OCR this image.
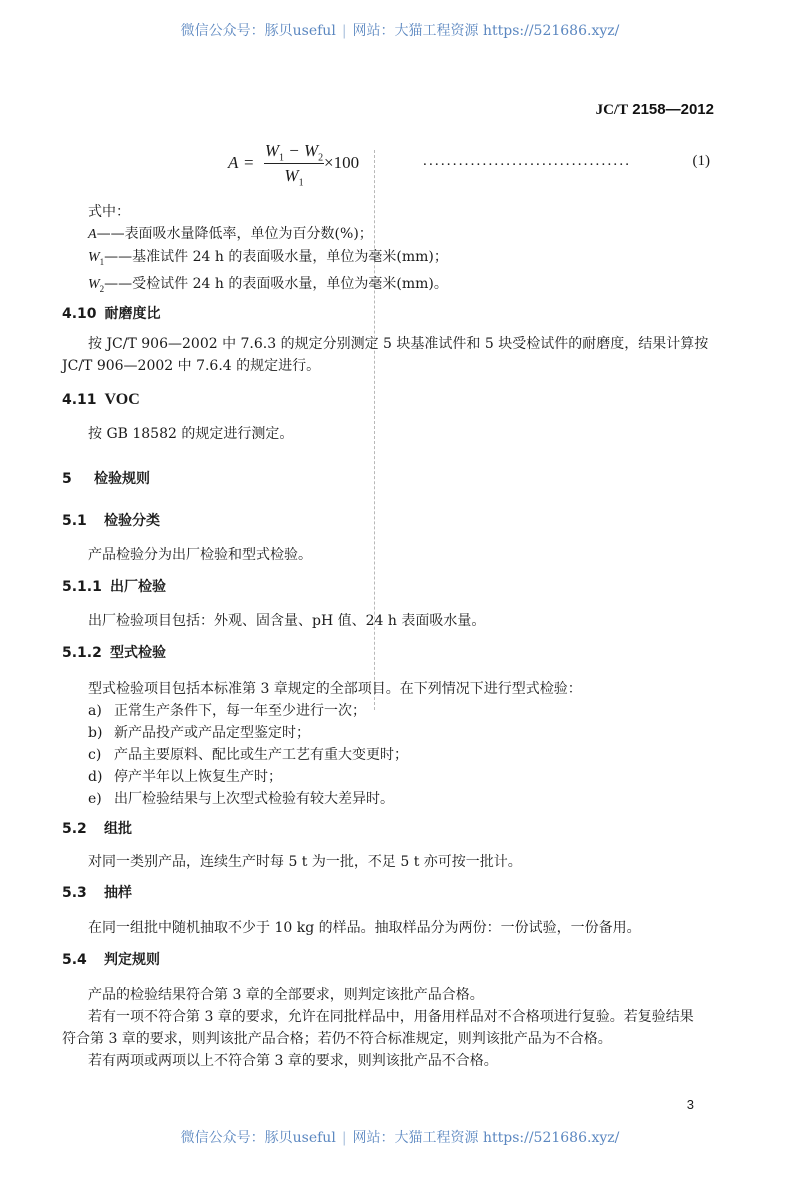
微信公众号：豚贝useful | 网站：大猫工程资源 https://521686.xyz/
JC/T 2158—2012
A =
$W_1 - W_2$
$W_1$
×100	...................................	(1)
式中：
A——表面吸水量降低率，单位为百分数(%)；
$W_1——$基准试件 24 h 的表面吸水量，单位为毫米(mm)；
$W_2——$受检试件 24 h 的表面吸水量，单位为毫米(mm)。
4.10 耐磨度比
按 JC/T 906—2002 中 7.6.3 的规定分别测定 5 块基准试件和 5 块受检试件的耐磨度，结果计算按
JC/T 906—2002 中 7.6.4 的规定进行。
4.11 VOC
按 GB 18582 的规定进行测定。
5 检验规则
5.1 检验分类
产品检验分为出厂检验和型式检验。
5.1.1 出厂检验
出厂检验项目包括：外观、固含量、pH 值、24 h 表面吸水量。
5.1.2 型式检验
型式检验项目包括本标准第 3 章规定的全部项目。在下列情况下进行型式检验：
a) 正常生产条件下，每一年至少进行一次；
b) 新产品投产或产品定型鉴定时；
c) 产品主要原料、配比或生产工艺有重大变更时；
d) 停产半年以上恢复生产时；
e) 出厂检验结果与上次型式检验有较大差异时。
5.2 组批
对同一类别产品，连续生产时每 5 t 为一批，不足 5 t 亦可按一批计。
5.3 抽样
在同一组批中随机抽取不少于 10 kg 的样品。抽取样品分为两份：一份试验，一份备用。
5.4 判定规则
产品的检验结果符合第 3 章的全部要求，则判定该批产品合格。
若有一项不符合第 3 章的要求，允许在同批样品中，用备用样品对不合格项进行复验。若复验结果
符合第 3 章的要求，则判该批产品合格；若仍不符合标准规定，则判该批产品为不合格。
若有两项或两项以上不符合第 3 章的要求，则判该批产品不合格。
3
微信公众号：豚贝useful | 网站：大猫工程资源 https://521686.xyz/
